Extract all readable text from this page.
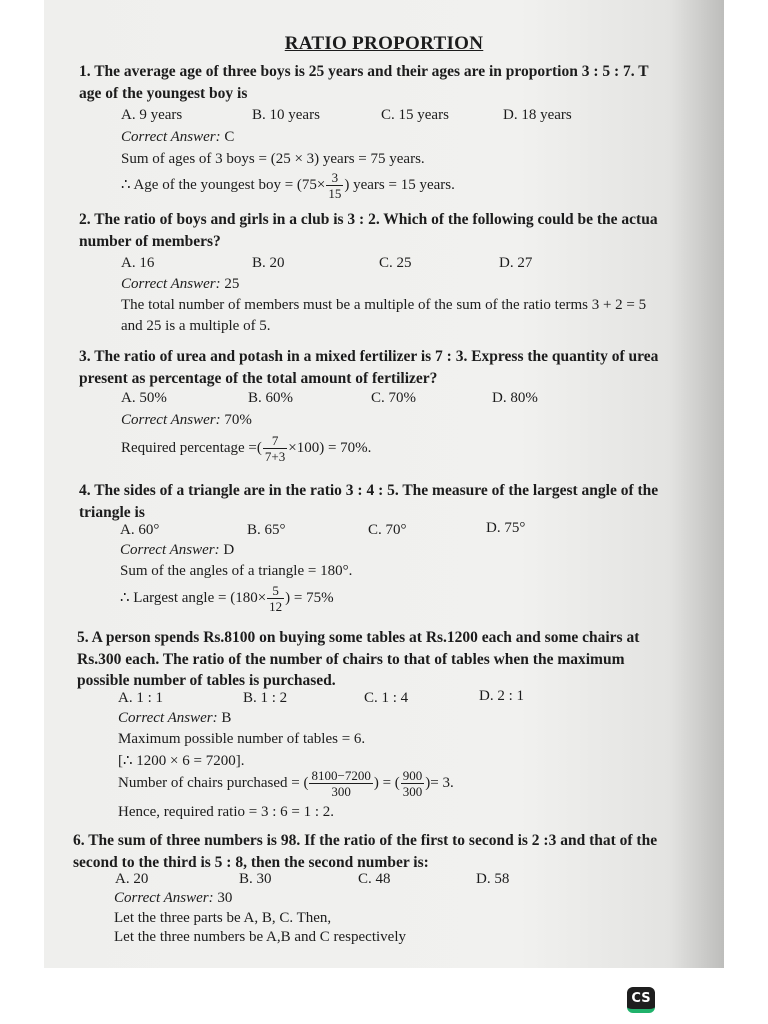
RATIO PROPORTION
1. The average age of three boys is 25 years and their ages are in proportion 3 : 5 : 7. T
age of the youngest boy is
A. 9 years	B. 10 years	C. 15 years	D. 18 years
Correct Answer: C
Sum of ages of 3 boys = (25 × 3) years = 75 years.
∴ Age of the youngest boy = ($75\times \frac{3}{15}$ ) years = 15 years.
2. The ratio of boys and girls in a club is 3 : 2. Which of the following could be the actua
number of members?
A. 16	B. 20	C. 25	D. 27
Correct Answer: 25
The total number of members must be a multiple of the sum of the ratio terms 3 + 2 = 5
and 25 is a multiple of 5.
3. The ratio of urea and potash in a mixed fertilizer is 7 : 3. Express the quantity of urea
present as percentage of the total amount of fertilizer?
A. 50%	B. 60%	C. 70%	D. 80%
Correct Answer: 70%
Required percentage =( $\frac{7}{7+3} \times 100) = 70\%$.
4. The sides of a triangle are in the ratio 3 : 4 : 5. The measure of the largest angle of the
triangle is
A. 60°	B. 65°	C. 70°	D. 75°
Correct Answer: D
Sum of the angles of a triangle = 180°.
∴ Largest angle = ($180\times \frac{5}{12}$ ) = 75%
5. A person spends Rs.8100 on buying some tables at Rs.1200 each and some chairs at
Rs.300 each. The ratio of the number of chairs to that of tables when the maximum
possible number of tables is purchased.
A. 1 : 1	B. 1 : 2	C. 1 : 4	D. 2 : 1
Correct Answer: B
Maximum possible number of tables = 6.
[∴ 1200 × 6 = 7200].
Number of chairs purchased = ( $\frac{8100-7200}{300}$ ) = ( $\frac{900}{300}$ )= 3.
Hence, required ratio = 3 : 6 = 1 : 2.
6. The sum of three numbers is 98. If the ratio of the first to second is 2 :3 and that of the
second to the third is 5 : 8, then the second number is:
A. 20	B. 30	C. 48	D. 58
Correct Answer: 30
Let the three parts be A, B, C. Then,
Let the three numbers be A,B and C respectively
CS
